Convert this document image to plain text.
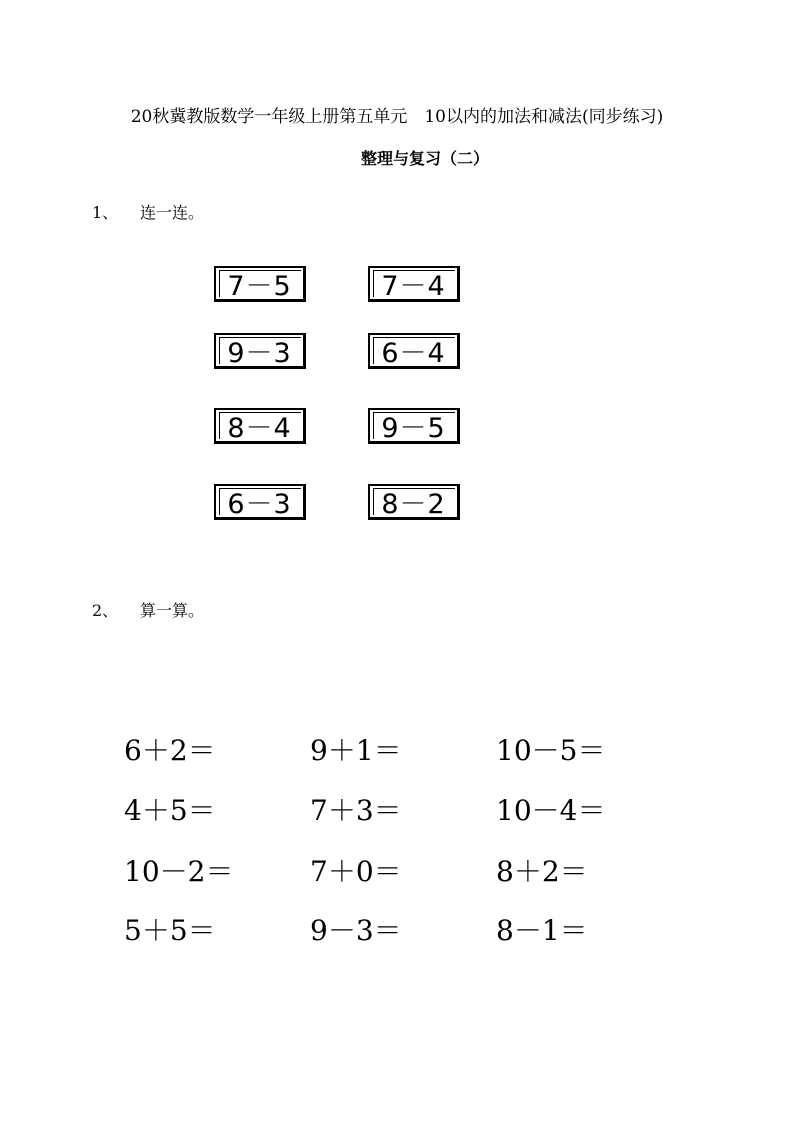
20秋冀教版数学一年级上册第五单元　10以内的加法和减法(同步练习)
整理与复习（二）
1、 连一连。
7－5	7－4
9－3	6－4
8－4	9－5
6－3	8－2
2、 算一算。
6＋2＝	9＋1＝	10－5＝
4＋5＝	7＋3＝	10－4＝
10－2＝	7＋0＝	8＋2＝
5＋5＝	9－3＝	8－1＝
